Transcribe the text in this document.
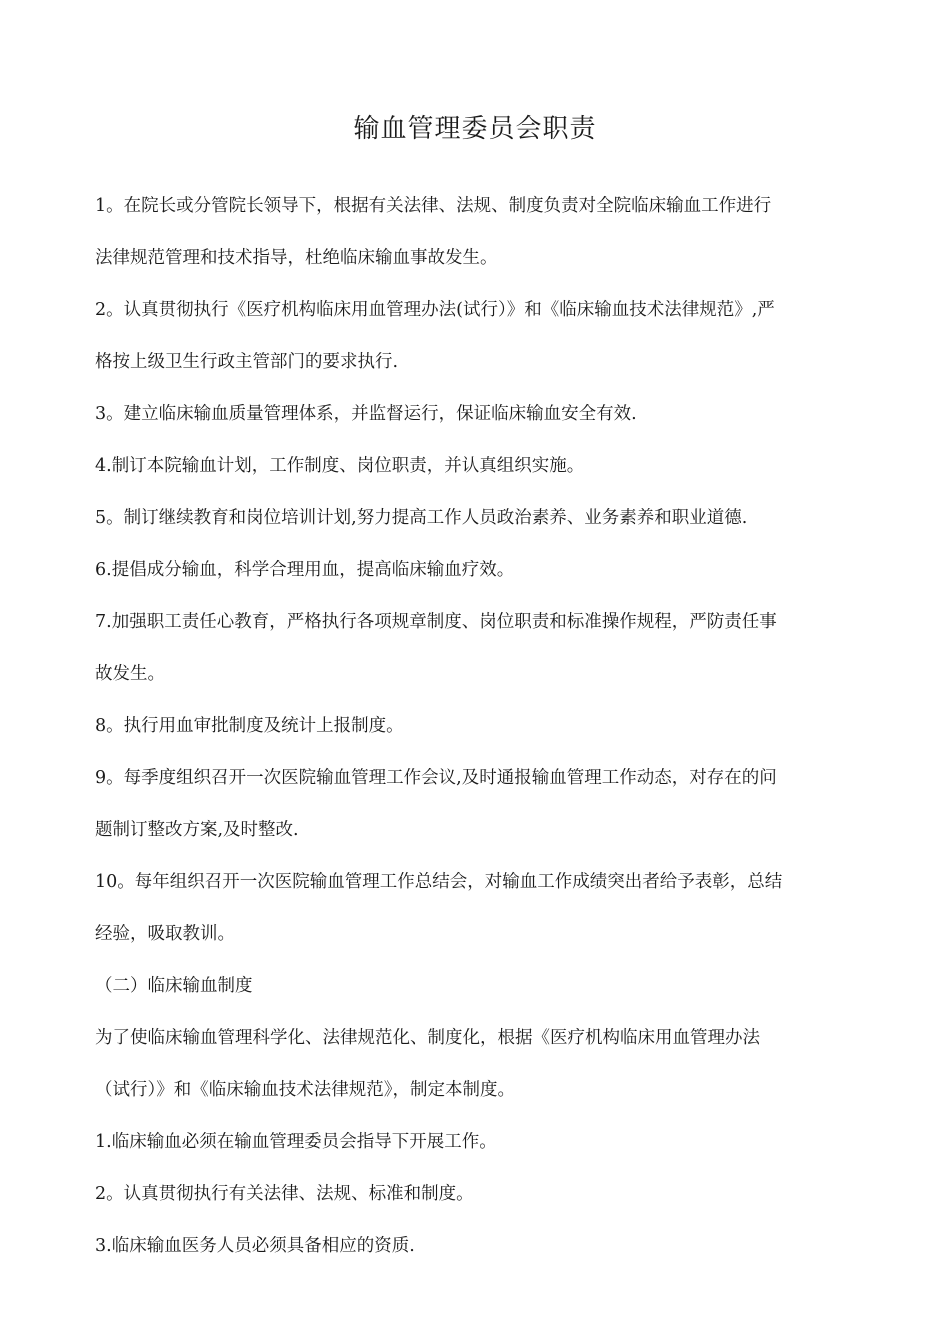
输血管理委员会职责

1。在院长或分管院长领导下，根据有关法律、法规、制度负责对全院临床输血工作进行
法律规范管理和技术指导，杜绝临床输血事故发生。

2。认真贯彻执行《医疗机构临床用血管理办法(试行）》和《临床输血技术法律规范》,严
格按上级卫生行政主管部门的要求执行.

3。建立临床输血质量管理体系，并监督运行，保证临床输血安全有效.

4.制订本院输血计划，工作制度、岗位职责，并认真组织实施。

5。制订继续教育和岗位培训计划,努力提高工作人员政治素养、业务素养和职业道德.

6.提倡成分输血，科学合理用血，提高临床输血疗效。

7.加强职工责任心教育，严格执行各项规章制度、岗位职责和标准操作规程，严防责任事
故发生。

8。执行用血审批制度及统计上报制度。

9。每季度组织召开一次医院输血管理工作会议,及时通报输血管理工作动态，对存在的问
题制订整改方案,及时整改.

10。每年组织召开一次医院输血管理工作总结会，对输血工作成绩突出者给予表彰，总结
经验，吸取教训。

（二）临床输血制度

为了使临床输血管理科学化、法律规范化、制度化，根据《医疗机构临床用血管理办法
（试行）》和《临床输血技术法律规范》，制定本制度。

1.临床输血必须在输血管理委员会指导下开展工作。

2。认真贯彻执行有关法律、法规、标准和制度。

3.临床输血医务人员必须具备相应的资质.
